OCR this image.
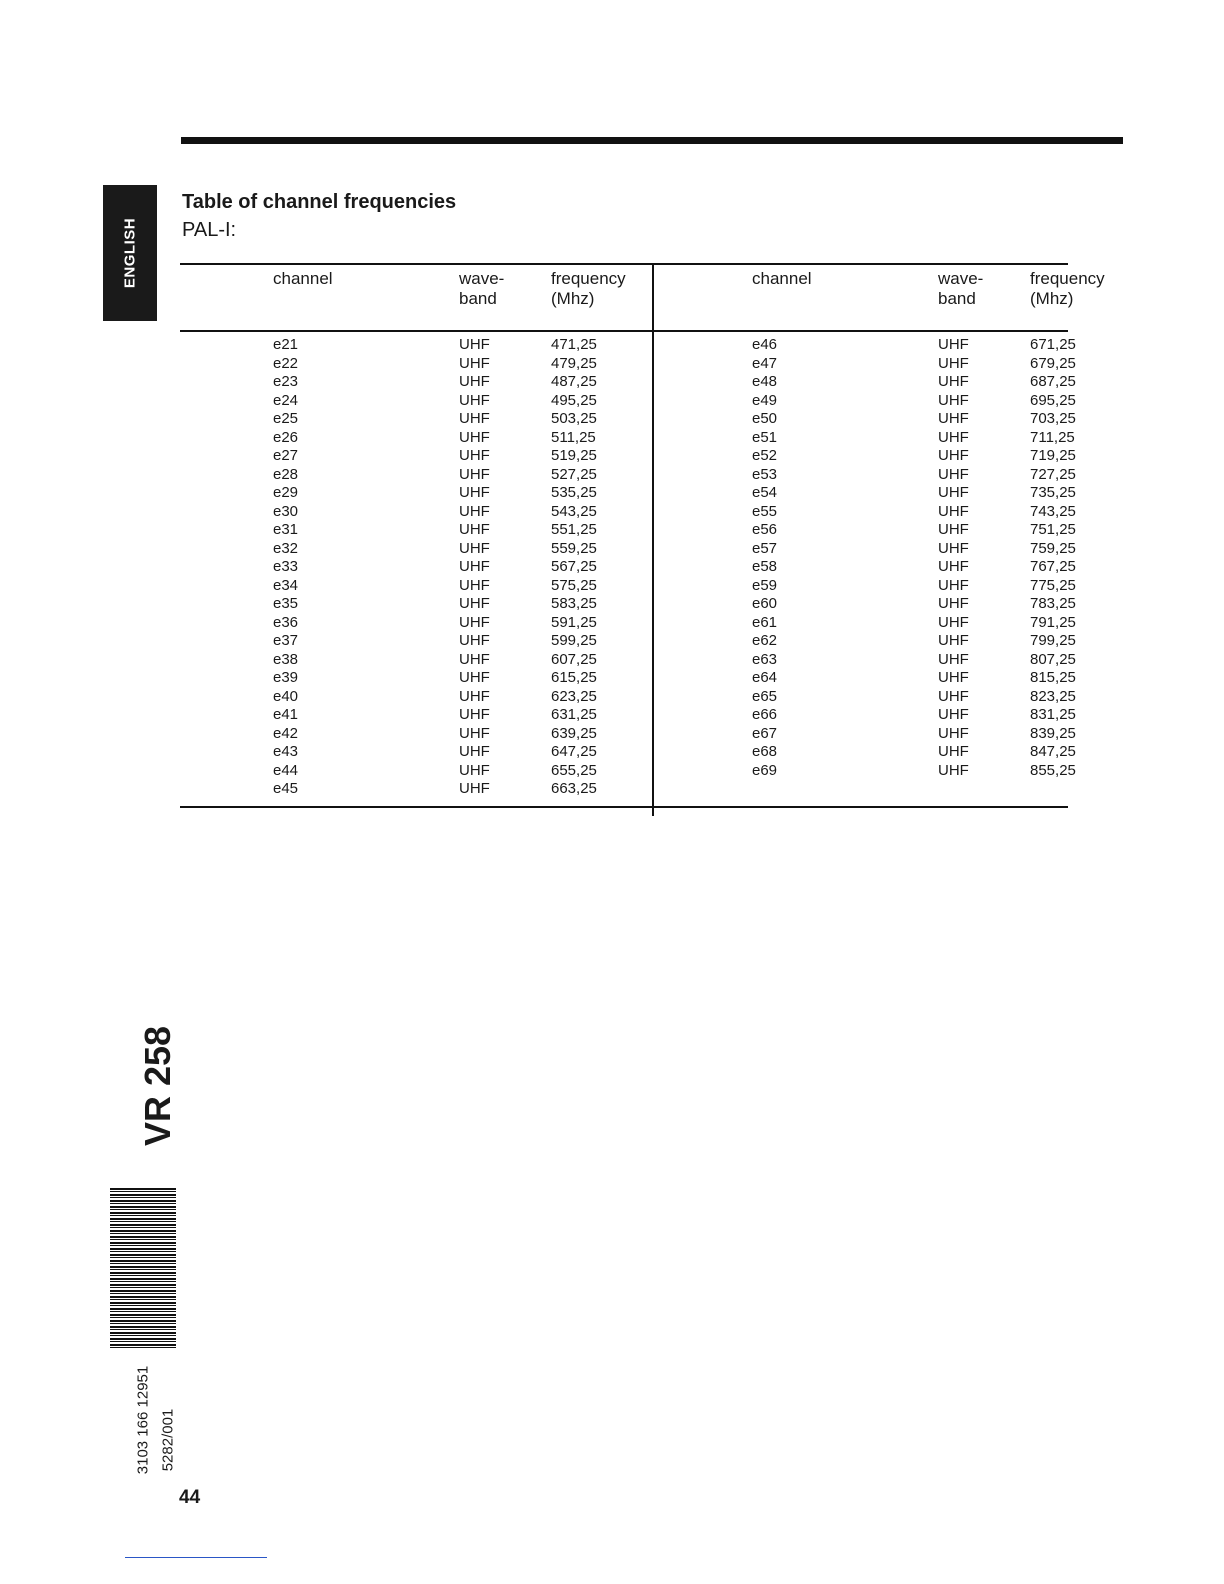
ENGLISH
Table of channel frequencies
PAL-I:
channel	wave-
band
frequency
(Mhz)
channel	wave-
band
frequency
(Mhz)
e21
e22
e23
e24
e25
e26
e27
e28
e29
e30
e31
e32
e33
e34
e35
e36
e37
e38
e39
e40
e41
e42
e43
e44
e45
UHF
UHF
UHF
UHF
UHF
UHF
UHF
UHF
UHF
UHF
UHF
UHF
UHF
UHF
UHF
UHF
UHF
UHF
UHF
UHF
UHF
UHF
UHF
UHF
UHF
471,25
479,25
487,25
495,25
503,25
511,25
519,25
527,25
535,25
543,25
551,25
559,25
567,25
575,25
583,25
591,25
599,25
607,25
615,25
623,25
631,25
639,25
647,25
655,25
663,25
e46
e47
e48
e49
e50
e51
e52
e53
e54
e55
e56
e57
e58
e59
e60
e61
e62
e63
e64
e65
e66
e67
e68
e69
UHF
UHF
UHF
UHF
UHF
UHF
UHF
UHF
UHF
UHF
UHF
UHF
UHF
UHF
UHF
UHF
UHF
UHF
UHF
UHF
UHF
UHF
UHF
UHF
671,25
679,25
687,25
695,25
703,25
711,25
719,25
727,25
735,25
743,25
751,25
759,25
767,25
775,25
783,25
791,25
799,25
807,25
815,25
823,25
831,25
839,25
847,25
855,25
VR 258
3103 166 12951 5282/001
44
